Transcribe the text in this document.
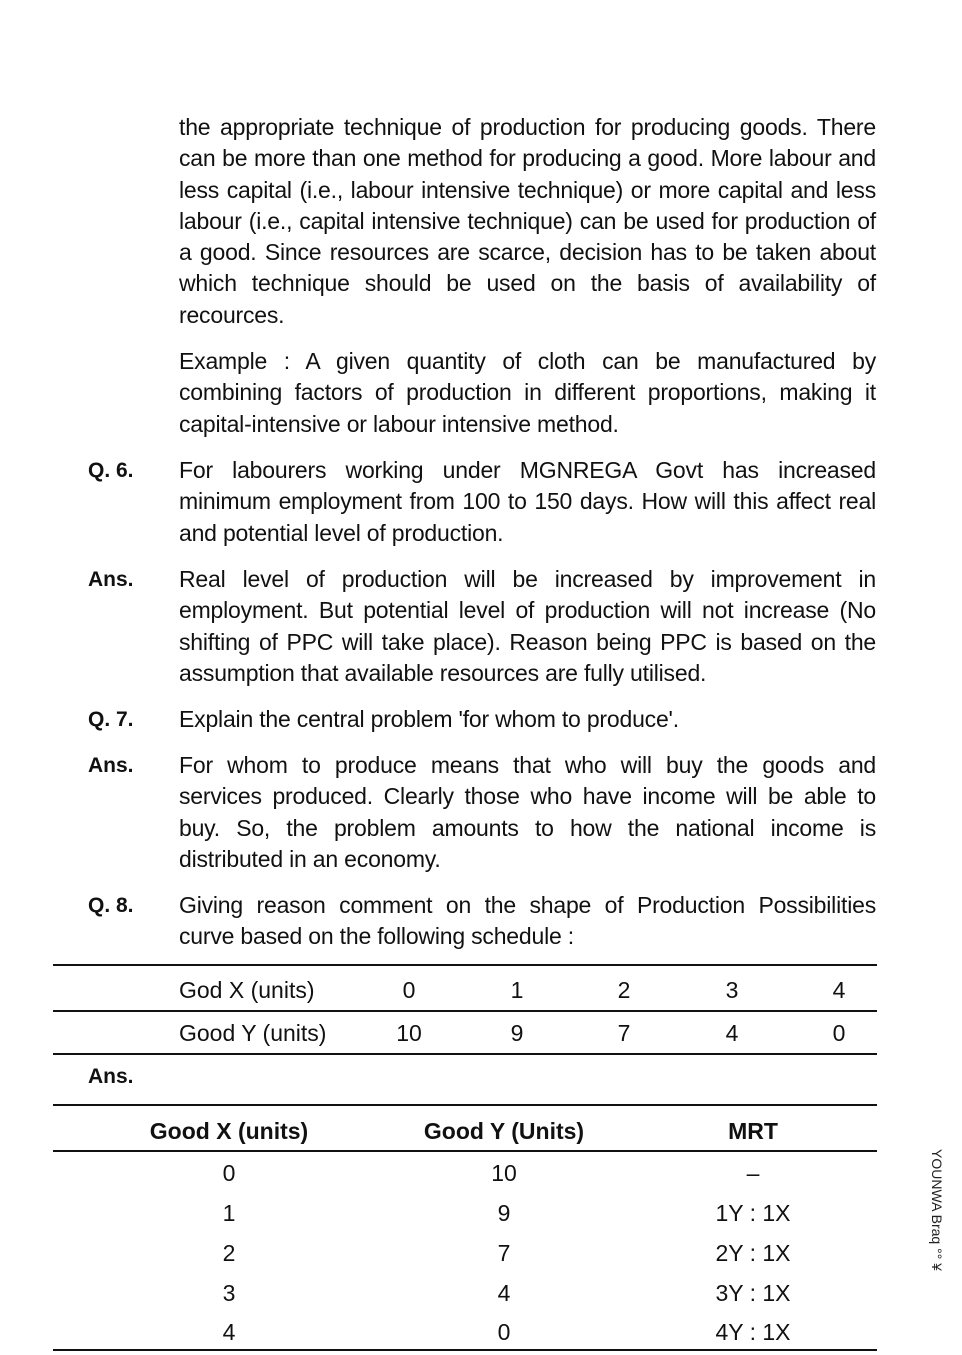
the appropriate technique of production for producing goods. There can be more than one method for producing a good. More labour and less capital (i.e., labour intensive technique) or more capital and less labour (i.e., capital intensive technique) can be used for production of a good. Since resources are scarce, decision has to be taken about which technique should be used on the basis of availability of recources.

Example : A given quantity of cloth can be manufactured by combining factors of production in different proportions, making it capital-intensive or labour intensive method.

Q. 6. For labourers working under MGNREGA Govt has increased minimum employment from 100 to 150 days. How will this affect real and potential level of production.

Ans. Real level of production will be increased by improvement in employment. But potential level of production will not increase (No shifting of PPC will take place). Reason being PPC is based on the assumption that available resources are fully utilised.

Q. 7. Explain the central problem 'for whom to produce'.

Ans. For whom to produce means that who will buy the goods and services produced. Clearly those who have income will be able to buy. So, the problem amounts to how the national income is distributed in an economy.

Q. 8. Giving reason comment on the shape of Production Possibilities curve based on the following schedule :

God X (units)	0	1	2	3	4
Good Y (units)	10	9	7	4	0

Ans.

Good X (units)	Good Y (Units)	MRT
0	10	–
1	9	1Y : 1X
2	7	2Y : 1X
3	4	3Y : 1X
4	0	4Y : 1X
YOUNWA Braq °° ¥
